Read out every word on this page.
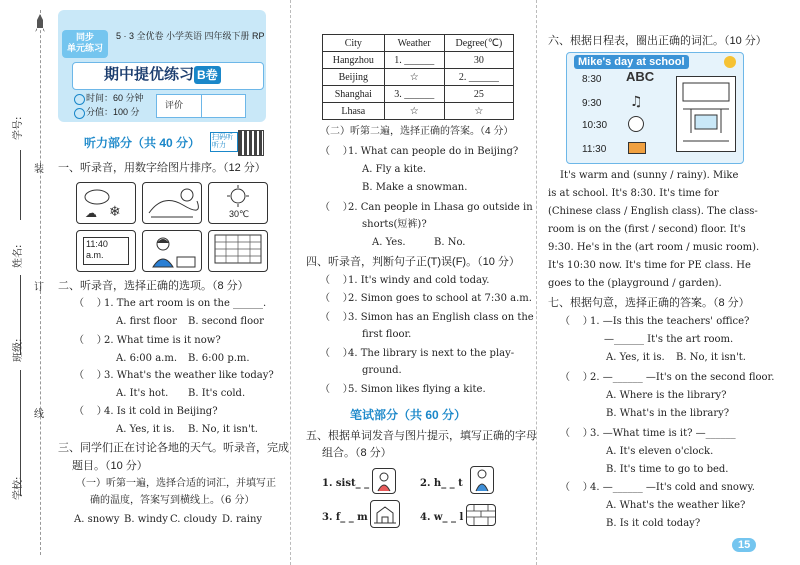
线
订
装
学号:
姓名:
班级:
学校:
同步
单元练习
5 · 3 全优卷 小学英语 四年级下册 RP
期中提优练习 B卷
时间：60 分钟
分值：100 分
评价
听力部分（共 40 分） 扫码听听力
一、听录音，用数字给图片排序。（12 分）
❄
☁	30℃
11:40
a.m.
二、听录音，选择正确的选项。（8 分）
（    ）
1. The art room is on the ______.
A. first floor B. second floor
（    ）
2. What time is it now?
A. 6:00 a.m. B. 6:00 p.m.
（    ）
3. What's the weather like today?
A. It's hot. B. It's cold.
（    ）
4. Is it cold in Beijing?
A. Yes, it is. B. No, it isn't.
三、同学们正在讨论各地的天气。听录音，完成
题目。（10 分）
（一）听第一遍，选择合适的词汇，并填写正
确的温度，答案写到横线上。（6 分）
A. snowy B. windy C. cloudy D. rainy
City	Weather	Degree(℃)
Hangzhou	1. ______	30
Beijing	☆	2. ______
Shanghai	3. ______	25
Lhasa	☆	☆
（二）听第二遍，选择正确的答案。（4 分）
（    ）
1. What can people do in Beijing?
A. Fly a kite.
B. Make a snowman.
（    ）
2. Can people in Lhasa go outside in
shorts(短裤)?
A. Yes.	B. No.
四、听录音，判断句子正(T)误(F)。（10 分）
（    ）
1. It's windy and cold today.
（    ）
2. Simon goes to school at 7:30 a.m.
（    ）
3. Simon has an English class on the
first floor.
（    ）
4. The library is next to the play-
ground.
（    ）
5. Simon likes flying a kite.
笔试部分（共 60 分）
五、根据单词发音与图片提示，填写正确的字母
组合。（8 分）
1. sist_ _	2. h_ _ t
3. f_ _ m	4. w_ _ l
六、根据日程表，圈出正确的词汇。（10 分）
Mike's day at school
8:30
9:30
10:30
11:30
ABC
♫
It's warm and (sunny / rainy). Mike
is at school. It's 8:30. It's time for
(Chinese class / English class). The class-
room is on the (first / second) floor. It's
9:30. He's in the (art room / music room).
It's 10:30 now. It's time for PE class. He
goes to the (playground / garden).
七、根据句意，选择正确的答案。（8 分）
（    ）
1. —Is this the teachers' office?
—______ It's the art room.
A. Yes, it is. B. No, it isn't.
（    ）
2. —______ —It's on the second floor.
A. Where is the library?
B. What's in the library?
（    ）
3. —What time is it? —______
A. It's eleven o'clock.
B. It's time to go to bed.
（    ）
4. —______ —It's cold and snowy.
A. What's the weather like?
B. Is it cold today?
15
